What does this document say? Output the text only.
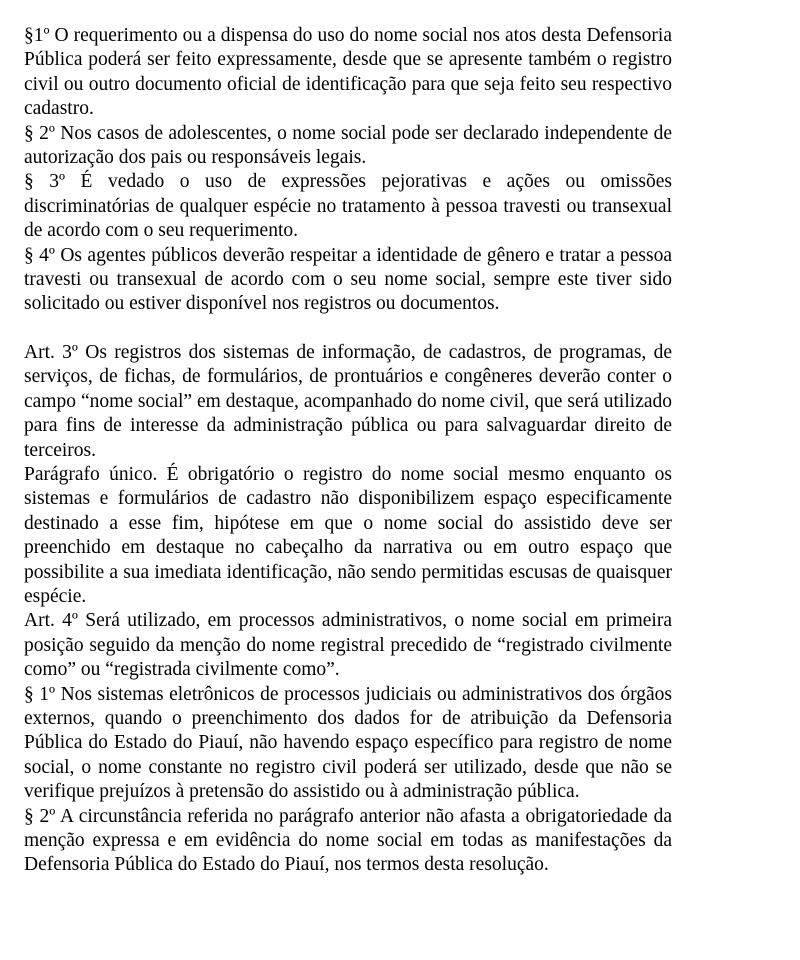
§1º O requerimento ou a dispensa do uso do nome social nos atos desta Defensoria Pública poderá ser feito expressamente, desde que se apresente também o registro civil ou outro documento oficial de identificação para que seja feito seu respectivo cadastro.

§ 2º Nos casos de adolescentes, o nome social pode ser declarado independente de autorização dos pais ou responsáveis legais.

§ 3º É vedado o uso de expressões pejorativas e ações ou omissões discriminatórias de qualquer espécie no tratamento à pessoa travesti ou transexual de acordo com o seu requerimento.

§ 4º Os agentes públicos deverão respeitar a identidade de gênero e tratar a pessoa travesti ou transexual de acordo com o seu nome social, sempre este tiver sido solicitado ou estiver disponível nos registros ou documentos.

Art. 3º Os registros dos sistemas de informação, de cadastros, de programas, de serviços, de fichas, de formulários, de prontuários e congêneres deverão conter o campo “nome social” em destaque, acompanhado do nome civil, que será utilizado para fins de interesse da administração pública ou para salvaguardar direito de terceiros.

Parágrafo único. É obrigatório o registro do nome social mesmo enquanto os sistemas e formulários de cadastro não disponibilizem espaço especificamente destinado a esse fim, hipótese em que o nome social do assistido deve ser preenchido em destaque no cabeçalho da narrativa ou em outro espaço que possibilite a sua imediata identificação, não sendo permitidas escusas de quaisquer espécie.

Art. 4º Será utilizado, em processos administrativos, o nome social em primeira posição seguido da menção do nome registral precedido de “registrado civilmente como” ou “registrada civilmente como”.

§ 1º Nos sistemas eletrônicos de processos judiciais ou administrativos dos órgãos externos, quando o preenchimento dos dados for de atribuição da Defensoria Pública do Estado do Piauí, não havendo espaço específico para registro de nome social, o nome constante no registro civil poderá ser utilizado, desde que não se verifique prejuízos à pretensão do assistido ou à administração pública.

§ 2º A circunstância referida no parágrafo anterior não afasta a obrigatoriedade da menção expressa e em evidência do nome social em todas as manifestações da Defensoria Pública do Estado do Piauí, nos termos desta resolução.
